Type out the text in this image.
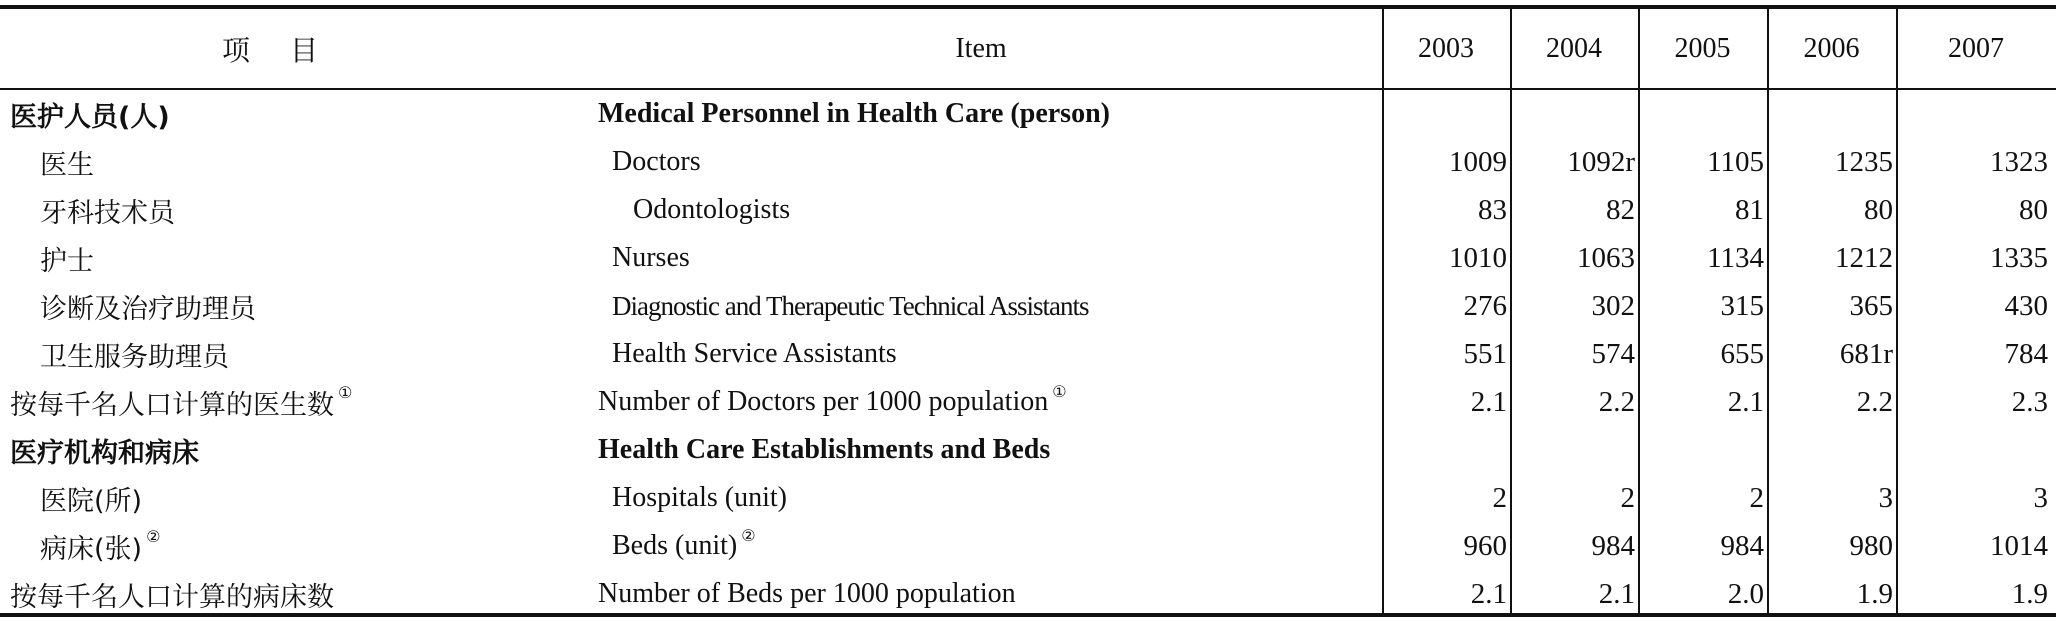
项目	Item	2003	2004	2005	2006	2007
医护人员(人)	Medical Personnel in Health Care (person)
医生	Doctors	1009	1092r	1105	1235	1323
牙科技术员	Odontologists	83	82	81	80	80
护士	Nurses	1010	1063	1134	1212	1335
诊断及治疗助理员	Diagnostic and Therapeutic Technical Assistants	276	302	315	365	430
卫生服务助理员	Health Service Assistants	551	574	655	681r	784
按每千名人口计算的医生数 ①	Number of Doctors per 1000 population ①	2.1	2.2	2.1	2.2	2.3
医疗机构和病床	Health Care Establishments and Beds
医院(所)	Hospitals (unit)	2	2	2	3	3
病床(张) ②	Beds (unit) ②	960	984	984	980	1014
按每千名人口计算的病床数	Number of Beds per 1000 population	2.1	2.1	2.0	1.9	1.9
